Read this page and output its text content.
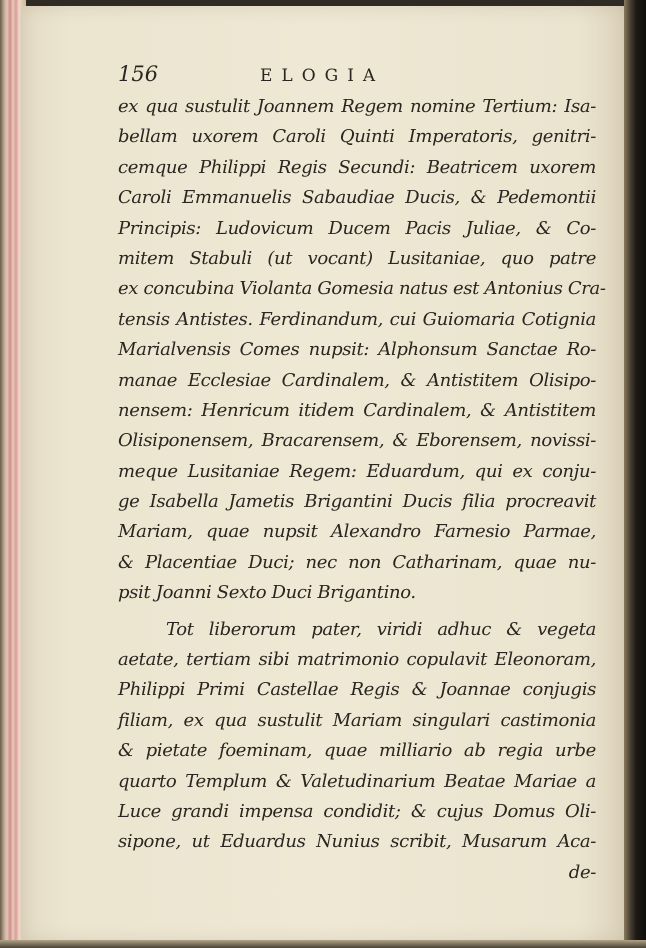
156	ELOGIA
ex qua sustulit Joannem Regem nomine Tertium: Isa-
bellam uxorem Caroli Quinti Imperatoris, genitri-
cemque Philippi Regis Secundi: Beatricem uxorem
Caroli Emmanuelis Sabaudiae Ducis, & Pedemontii
Principis: Ludovicum Ducem Pacis Juliae, & Co-
mitem Stabuli (ut vocant) Lusitaniae, quo patre
ex concubina Violanta Gomesia natus est Antonius Cra-
tensis Antistes. Ferdinandum, cui Guiomaria Cotignia
Marialvensis Comes nupsit: Alphonsum Sanctae Ro-
manae Ecclesiae Cardinalem, & Antistitem Olisipo-
nensem: Henricum itidem Cardinalem, & Antistitem
Olisiponensem, Bracarensem, & Eborensem, novissi-
meque Lusitaniae Regem: Eduardum, qui ex conju-
ge Isabella Jametis Brigantini Ducis filia procreavit
Mariam, quae nupsit Alexandro Farnesio Parmae,
& Placentiae Duci; nec non Catharinam, quae nu-
psit Joanni Sexto Duci Brigantino.
Tot liberorum pater, viridi adhuc & vegeta
aetate, tertiam sibi matrimonio copulavit Eleonoram,
Philippi Primi Castellae Regis & Joannae conjugis
filiam, ex qua sustulit Mariam singulari castimonia
& pietate foeminam, quae milliario ab regia urbe
quarto Templum & Valetudinarium Beatae Mariae a
Luce grandi impensa condidit; & cujus Domus Oli-
sipone, ut Eduardus Nunius scribit, Musarum Aca-
de-
